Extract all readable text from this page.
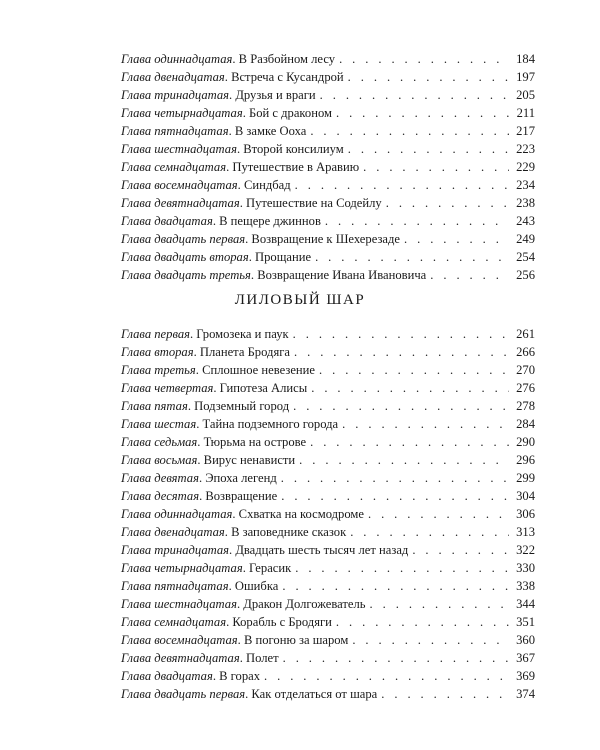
Глава одиннадцатая . В Разбойном лесу . . .	184
Глава двенадцатая . Встреча с Кусандрой . . .	197
Глава тринадцатая . Друзья и враги . . .	205
Глава четырнадцатая . Бой с драконом . . .	211
Глава пятнадцатая . В замке Ооха . . .	217
Глава шестнадцатая . Второй консилиум . . .	223
Глава семнадцатая . Путешествие в Аравию . . .	229
Глава восемнадцатая . Синдбад . . .	234
Глава девятнадцатая . Путешествие на Содейлу . . .	238
Глава двадцатая . В пещере джиннов . . .	243
Глава двадцать первая . Возвращение к Шехерезаде . . .	249
Глава двадцать вторая . Прощание . . .	254
Глава двадцать третья . Возвращение Ивана Ивановича . . .	256
ЛИЛОВЫЙ ШАР
Глава первая . Громозека и паук . . .	261
Глава вторая . Планета Бродяга . . .	266
Глава третья . Сплошное невезение . . .	270
Глава четвертая . Гипотеза Алисы . . .	276
Глава пятая . Подземный город . . .	278
Глава шестая . Тайна подземного города . . .	284
Глава седьмая . Тюрьма на острове . . .	290
Глава восьмая . Вирус ненависти . . .	296
Глава девятая . Эпоха легенд . . .	299
Глава десятая . Возвращение . . .	304
Глава одиннадцатая . Схватка на космодроме . . .	306
Глава двенадцатая . В заповеднике сказок . . .	313
Глава тринадцатая . Двадцать шесть тысяч лет назад . . .	322
Глава четырнадцатая . Герасик . . .	330
Глава пятнадцатая . Ошибка . . .	338
Глава шестнадцатая . Дракон Долгожеватель . . .	344
Глава семнадцатая . Корабль с Бродяги . . .	351
Глава восемнадцатая . В погоню за шаром . . .	360
Глава девятнадцатая . Полет . . .	367
Глава двадцатая . В горах . . .	369
Глава двадцать первая . Как отделаться от шара . . .	374
